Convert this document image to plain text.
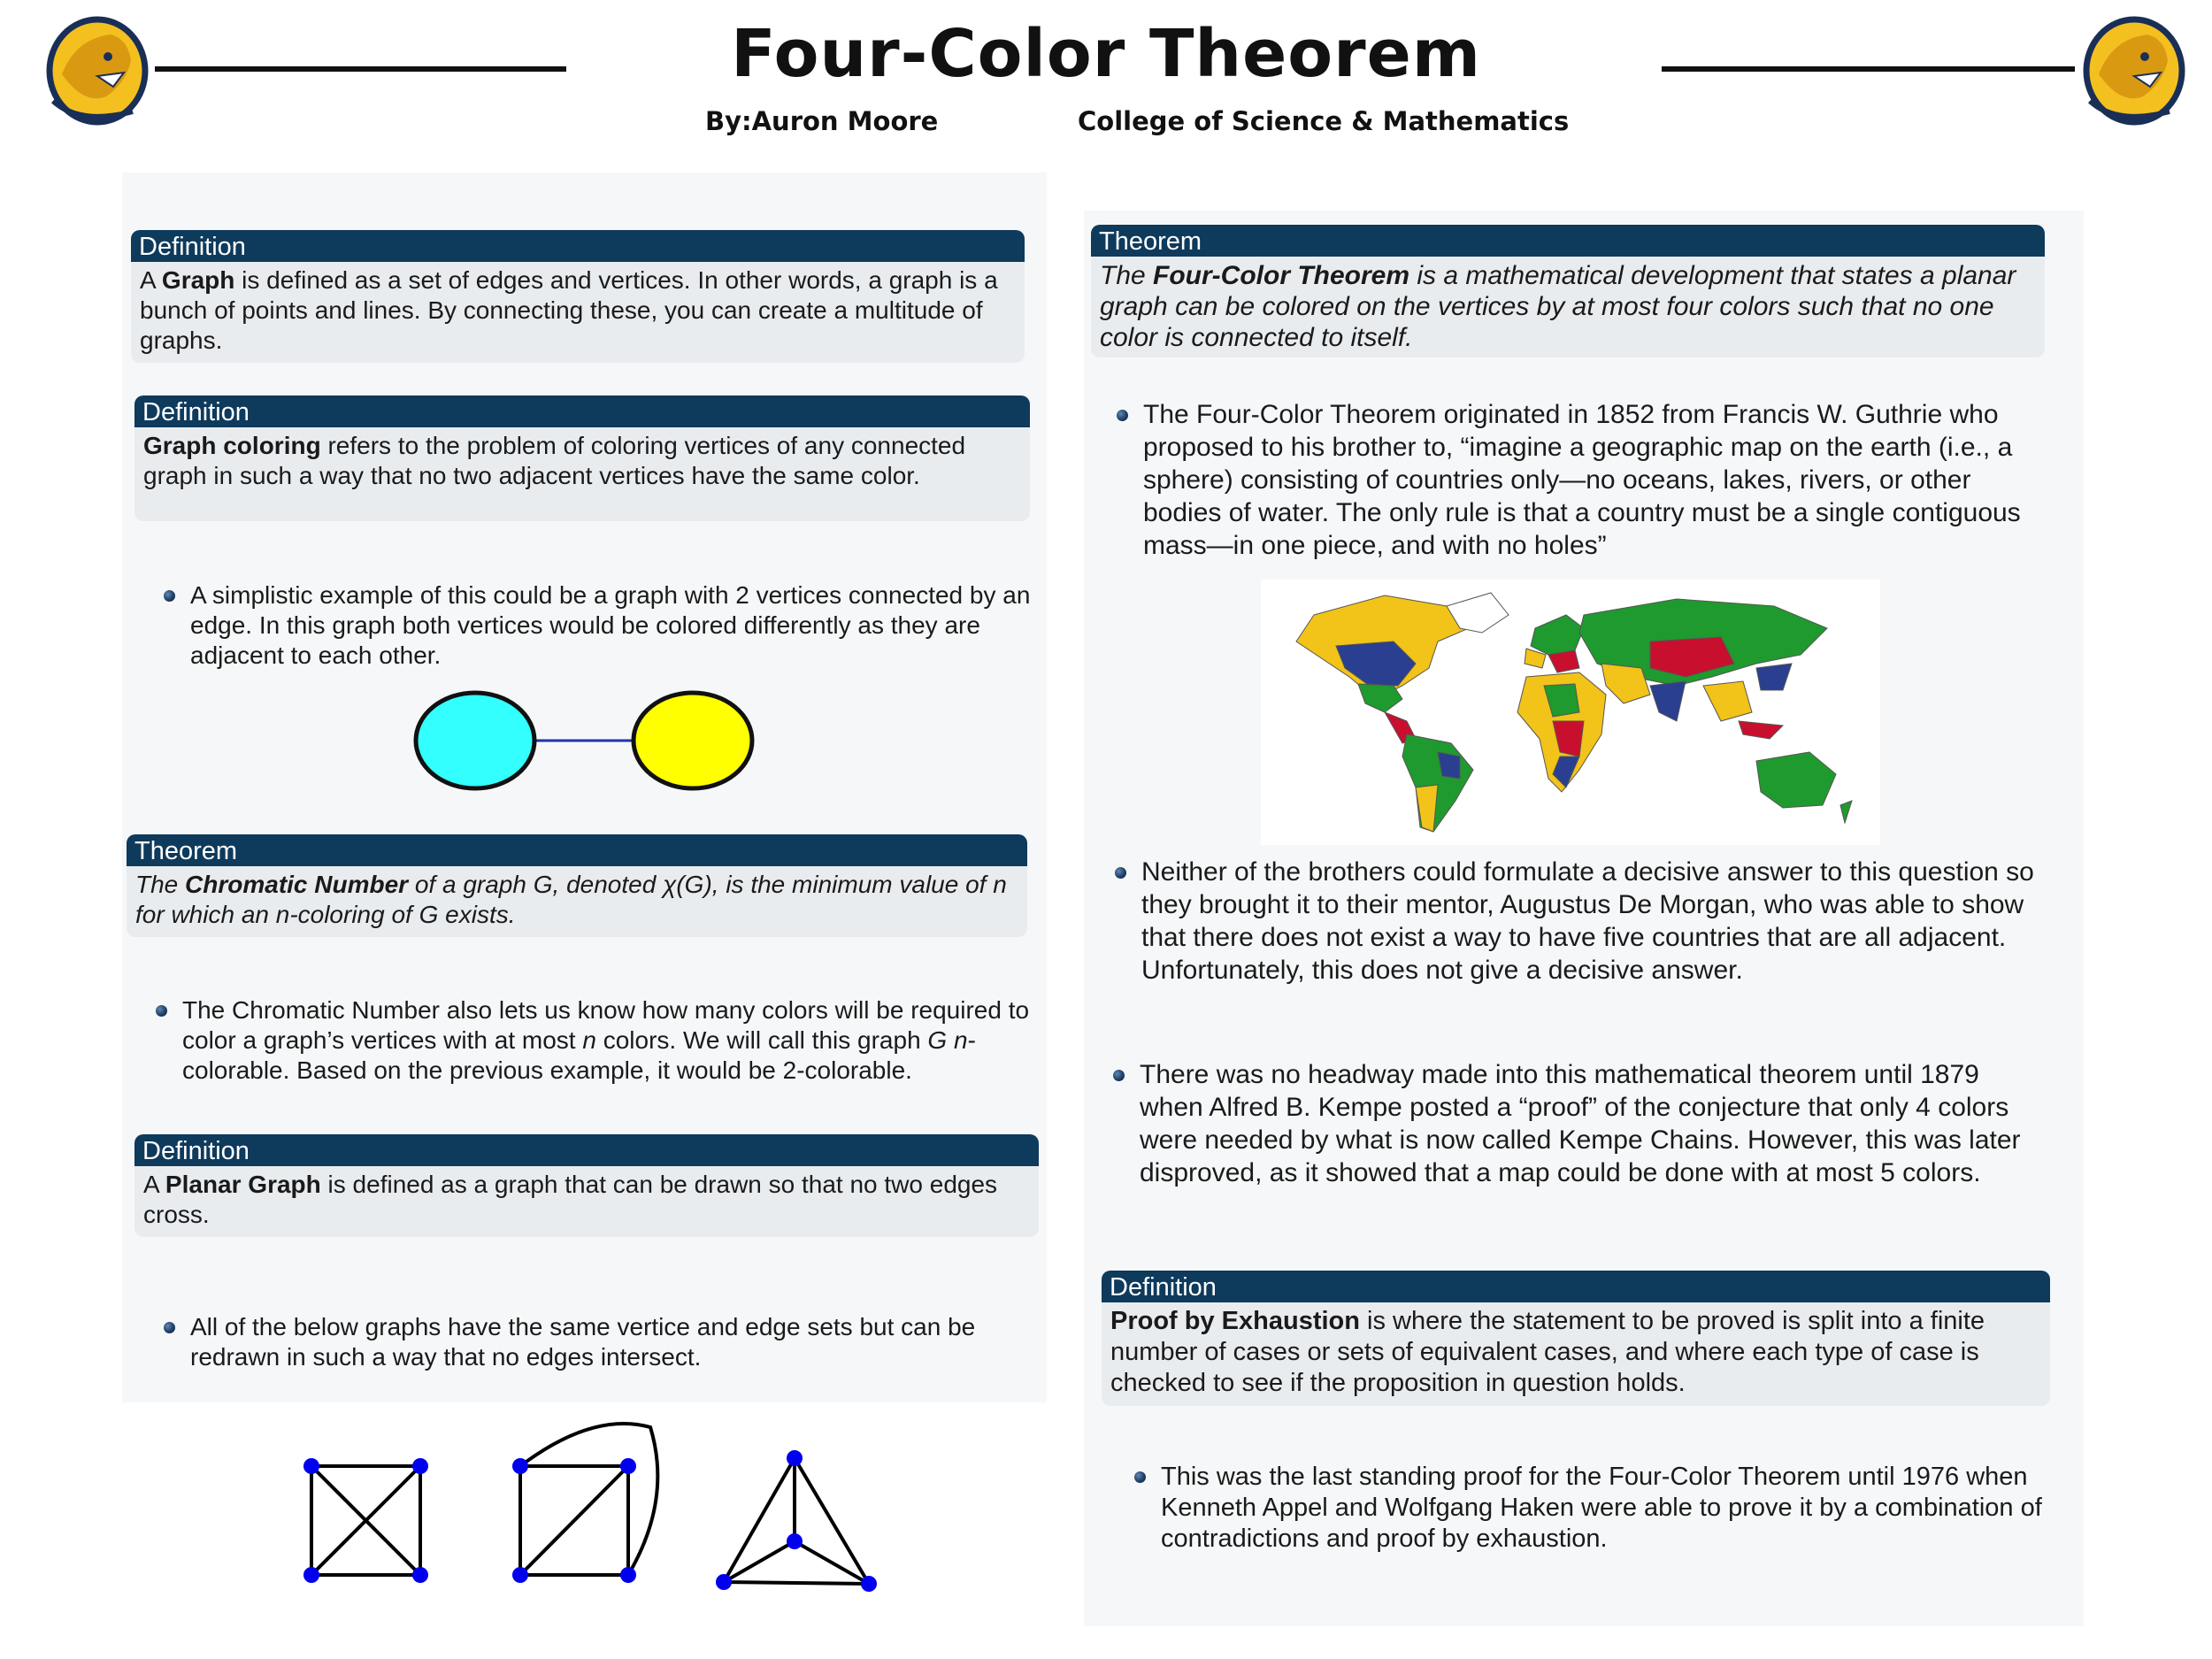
Four-Color Theorem
By:Auron Moore	College of Science & Mathematics
Definition
A Graph is defined as a set of edges and vertices. In other words, a graph is a bunch of points and lines. By connecting these, you can create a multitude of graphs.
Definition
Graph coloring refers to the problem of coloring vertices of any connected graph in such a way that no two adjacent vertices have the same color.
A simplistic example of this could be a graph with 2 vertices connected by an edge. In this graph both vertices would be colored differently as they are adjacent to each other.
Theorem
The Chromatic Number of a graph G, denoted χ(G), is the minimum value of n for which an n-coloring of G exists.
The Chromatic Number also lets us know how many colors will be required to color a graph’s vertices with at most n colors. We will call this graph G n-colorable. Based on the previous example, it would be 2-colorable.
Definition
A Planar Graph is defined as a graph that can be drawn so that no two edges cross.
All of the below graphs have the same vertice and edge sets but can be redrawn in such a way that no edges intersect.
Theorem
The Four-Color Theorem is a mathematical development that states a planar graph can be colored on the vertices by at most four colors such that no one color is connected to itself.
The Four-Color Theorem originated in 1852 from Francis W. Guthrie who proposed to his brother to, “imagine a geographic map on the earth (i.e., a sphere) consisting of countries only—no oceans, lakes, rivers, or other bodies of water. The only rule is that a country must be a single contiguous mass—in one piece, and with no holes”
Neither of the brothers could formulate a decisive answer to this question so they brought it to their mentor, Augustus De Morgan, who was able to show that there does not exist a way to have five countries that are all adjacent. Unfortunately, this does not give a decisive answer.
There was no headway made into this mathematical theorem until 1879 when Alfred B. Kempe posted a “proof” of the conjecture that only 4 colors were needed by what is now called Kempe Chains. However, this was later disproved, as it showed that a map could be done with at most 5 colors.
Definition
Proof by Exhaustion is where the statement to be proved is split into a finite number of cases or sets of equivalent cases, and where each type of case is checked to see if the proposition in question holds.
This was the last standing proof for the Four-Color Theorem until 1976 when Kenneth Appel and Wolfgang Haken were able to prove it by a combination of contradictions and proof by exhaustion.
